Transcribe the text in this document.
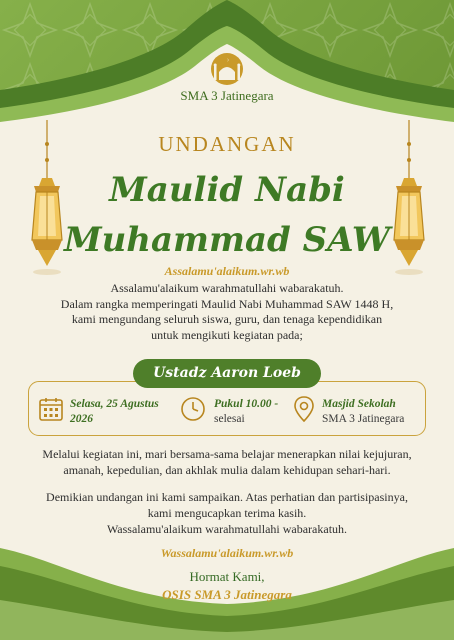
SMA 3 Jatinegara
UNDANGAN
Maulid Nabi
Muhammad SAW
Assalamu'alaikum.wr.wb
Assalamu'alaikum warahmatullahi wabarakatuh.
Dalam rangka memperingati Maulid Nabi Muhammad SAW 1448 H,
kami mengundang seluruh siswa, guru, dan tenaga kependidikan
untuk mengikuti kegiatan pada;
Ustadz Aaron Loeb
Selasa, 25 Agustus
2026
Pukul 10.00 -
selesai
Masjid Sekolah
SMA 3 Jatinegara
Melalui kegiatan ini, mari bersama-sama belajar menerapkan nilai kejujuran,
amanah, kepedulian, dan akhlak mulia dalam kehidupan sehari-hari.
Demikian undangan ini kami sampaikan. Atas perhatian dan partisipasinya,
kami mengucapkan terima kasih.
Wassalamu'alaikum warahmatullahi wabarakatuh.
Wassalamu'alaikum.wr.wb
Hormat Kami,
OSIS SMA 3 Jatinegara
